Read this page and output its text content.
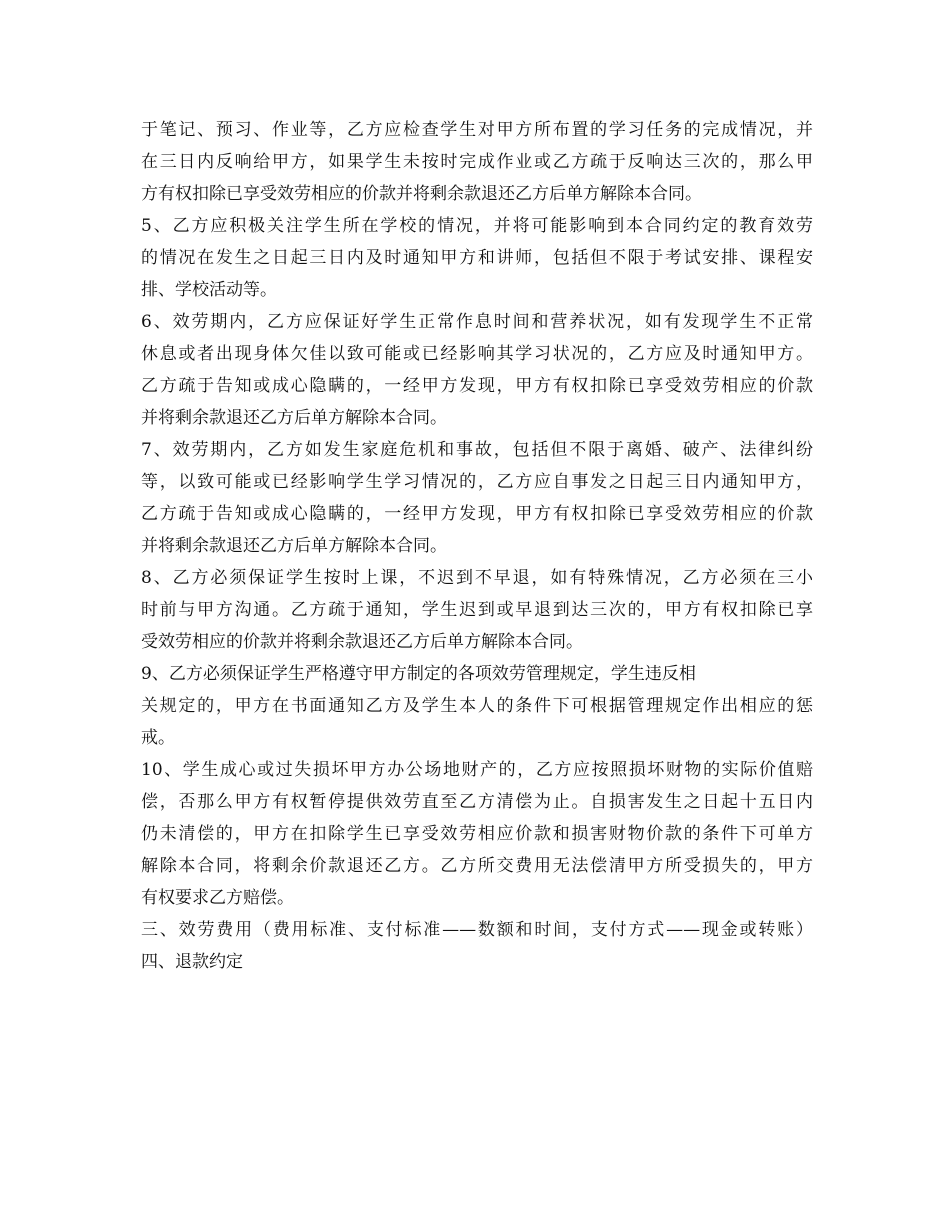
于笔记、预习、作业等，乙方应检查学生对甲方所布置的学习任务的完成情况，并
在三日内反响给甲方，如果学生未按时完成作业或乙方疏于反响达三次的，那么甲
方有权扣除已享受效劳相应的价款并将剩余款退还乙方后单方解除本合同。
5、乙方应积极关注学生所在学校的情况，并将可能影响到本合同约定的教育效劳
的情况在发生之日起三日内及时通知甲方和讲师，包括但不限于考试安排、课程安
排、学校活动等。
6、效劳期内，乙方应保证好学生正常作息时间和营养状况，如有发现学生不正常
休息或者出现身体欠佳以致可能或已经影响其学习状况的，乙方应及时通知甲方。
乙方疏于告知或成心隐瞒的，一经甲方发现，甲方有权扣除已享受效劳相应的价款
并将剩余款退还乙方后单方解除本合同。
7、效劳期内，乙方如发生家庭危机和事故，包括但不限于离婚、破产、法律纠纷
等，以致可能或已经影响学生学习情况的，乙方应自事发之日起三日内通知甲方，
乙方疏于告知或成心隐瞒的，一经甲方发现，甲方有权扣除已享受效劳相应的价款
并将剩余款退还乙方后单方解除本合同。
8、乙方必须保证学生按时上课，不迟到不早退，如有特殊情况，乙方必须在三小
时前与甲方沟通。乙方疏于通知，学生迟到或早退到达三次的，甲方有权扣除已享
受效劳相应的价款并将剩余款退还乙方后单方解除本合同。
9、乙方必须保证学生严格遵守甲方制定的各项效劳管理规定，学生违反相
关规定的，甲方在书面通知乙方及学生本人的条件下可根据管理规定作出相应的惩
戒。
10、学生成心或过失损坏甲方办公场地财产的，乙方应按照损坏财物的实际价值赔
偿，否那么甲方有权暂停提供效劳直至乙方清偿为止。自损害发生之日起十五日内
仍未清偿的，甲方在扣除学生已享受效劳相应价款和损害财物价款的条件下可单方
解除本合同，将剩余价款退还乙方。乙方所交费用无法偿清甲方所受损失的，甲方
有权要求乙方赔偿。
三、效劳费用（费用标准、支付标准——数额和时间，支付方式——现金或转账）
四、退款约定
